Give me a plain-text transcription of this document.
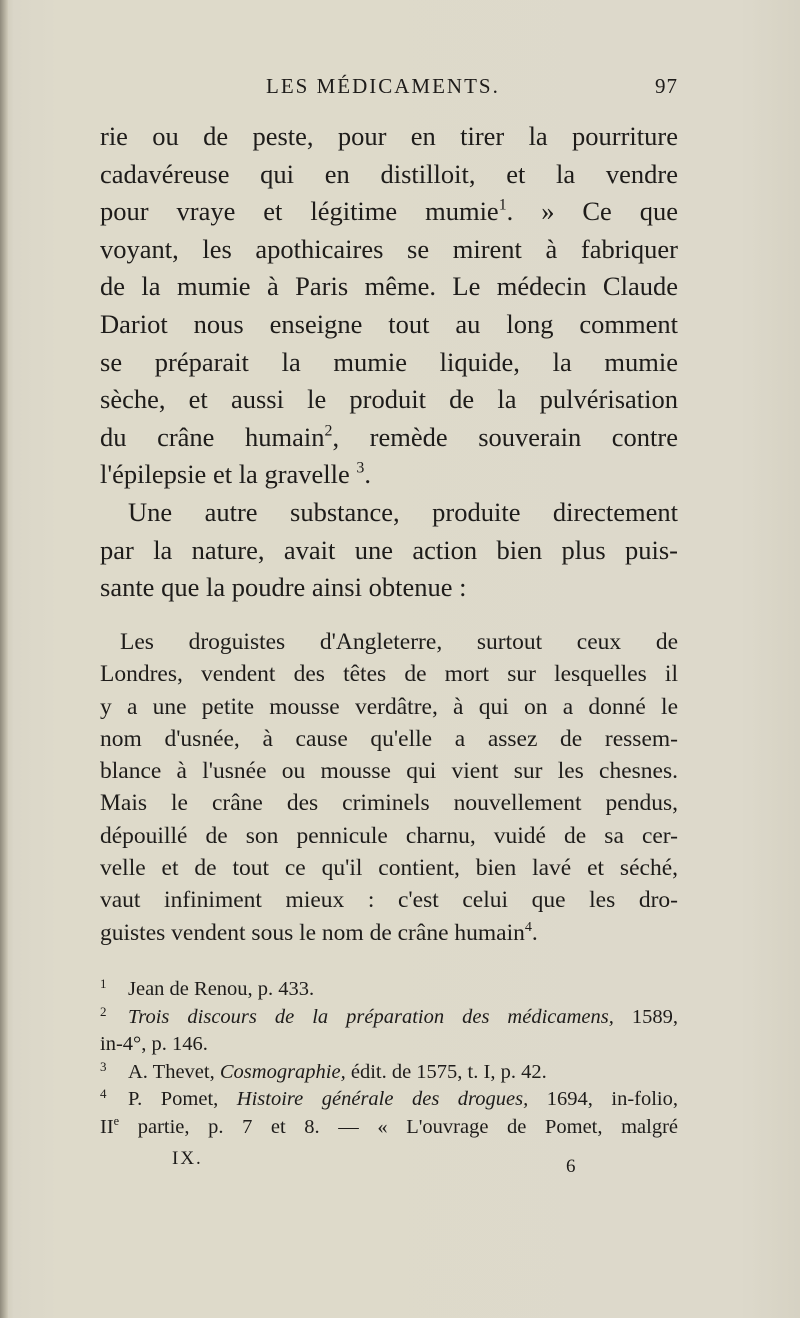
LES MÉDICAMENTS.	97
rie ou de peste, pour en tirer la pourriture
cadavéreuse qui en distilloit, et la vendre
pour vraye et légitime mumie$^1$. » Ce que
voyant, les apothicaires se mirent à fabriquer
de la mumie à Paris même. Le médecin Claude
Dariot nous enseigne tout au long comment
se préparait la mumie liquide, la mumie
sèche, et aussi le produit de la pulvérisation
du crâne humain$^2$, remède souverain contre
l'épilepsie et la gravelle $^3$.
Une autre substance, produite directement
par la nature, avait une action bien plus puis-
sante que la poudre ainsi obtenue :
Les droguistes d'Angleterre, surtout ceux de
Londres, vendent des têtes de mort sur lesquelles il
y a une petite mousse verdâtre, à qui on a donné le
nom d'usnée, à cause qu'elle a assez de ressem-
blance à l'usnée ou mousse qui vient sur les chesnes.
Mais le crâne des criminels nouvellement pendus,
dépouillé de son pennicule charnu, vuidé de sa cer-
velle et de tout ce qu'il contient, bien lavé et séché,
vaut infiniment mieux : c'est celui que les dro-
guistes vendent sous le nom de crâne humain$^4$.
1 Jean de Renou, p. 433.
2 Trois discours de la préparation des médicamens, 1589,
in-4°, p. 146.
3 A. Thevet, Cosmographie, édit. de 1575, t. I, p. 42.
4 P. Pomet, Histoire générale des drogues, 1694, in-folio,
IIe partie, p. 7 et 8. — « L'ouvrage de Pomet, malgré
IX.	6
